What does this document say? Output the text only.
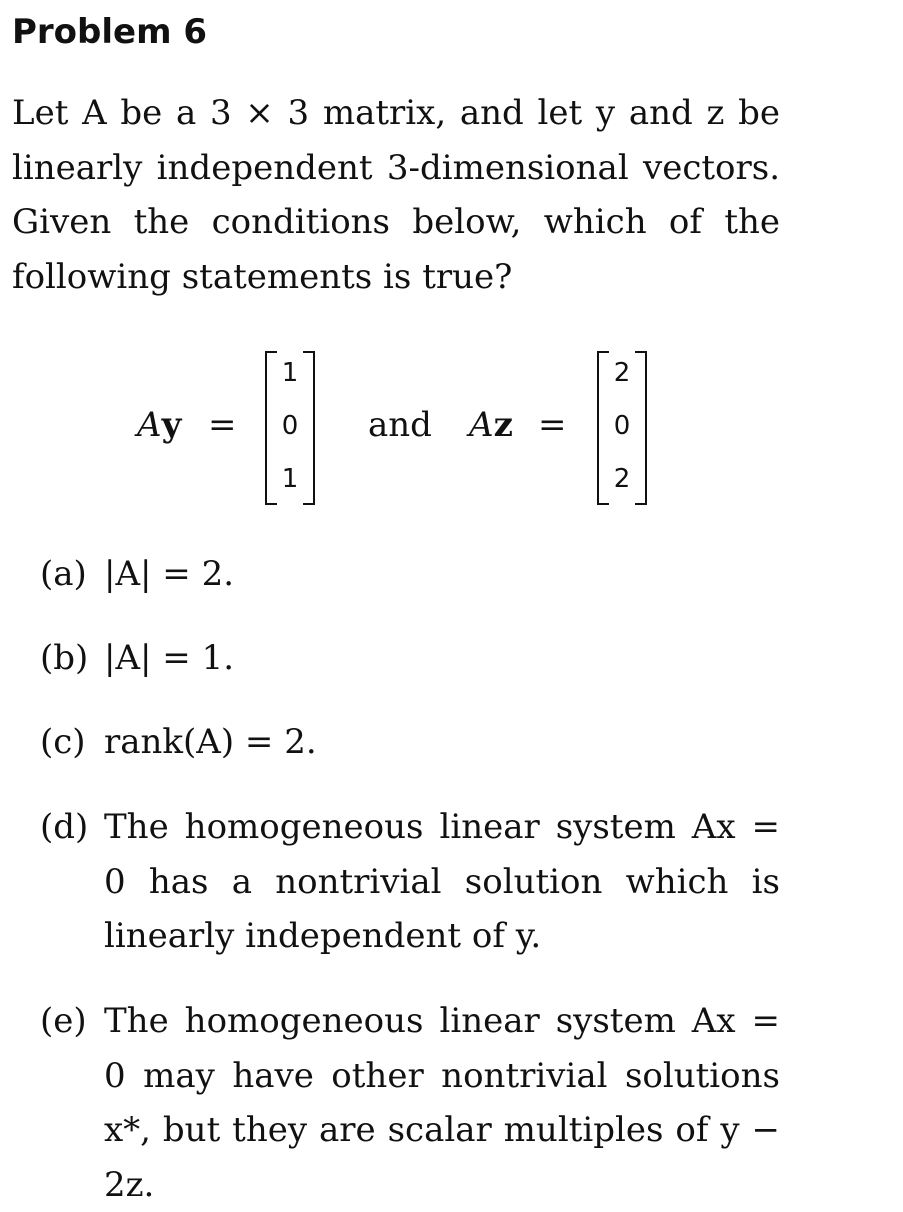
Problem 6
Let A be a 3 × 3 matrix, and let y and z be linearly independent 3-dimensional vectors. Given the conditions below, which of the following statements is true?
Ay =
1
0
1
and Az =
2
0
2
(a) |A| = 2.
(b) |A| = 1.
(c) rank(A) = 2.
(d) The homogeneous linear system Ax = 0 has a nontrivial solution which is linearly independent of y.
(e) The homogeneous linear system Ax = 0 may have other nontrivial solutions x*, but they are scalar multiples of y − 2z.
